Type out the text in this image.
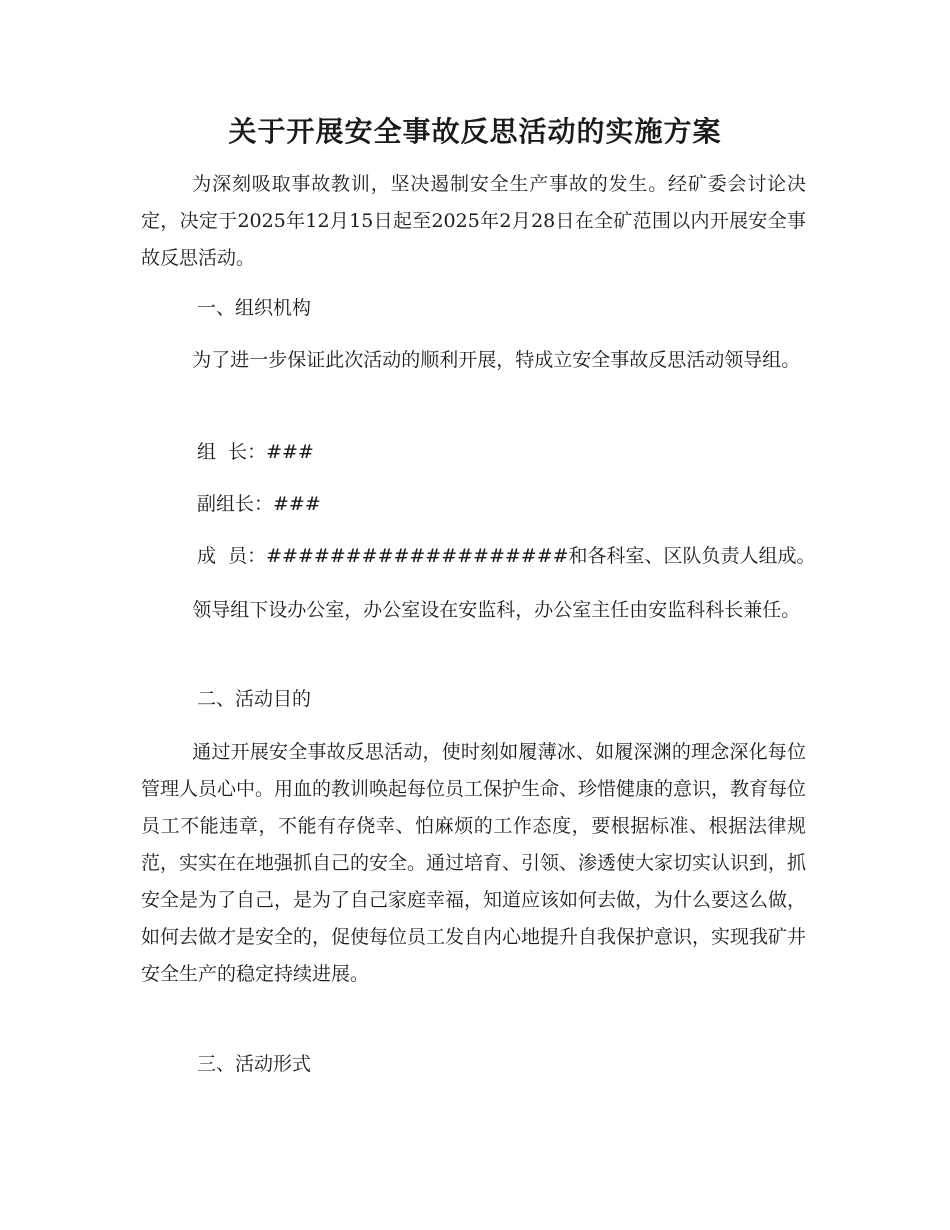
关于开展安全事故反思活动的实施方案

为深刻吸取事故教训，坚决遏制安全生产事故的发生。经矿委会讨论决定，决定于2025年12月15日起至2025年2月28日在全矿范围以内开展安全事故反思活动。

一、组织机构

为了进一步保证此次活动的顺利开展，特成立安全事故反思活动领导组。

组  长：###

副组长：###

成  员：###################和各科室、区队负责人组成。

领导组下设办公室，办公室设在安监科，办公室主任由安监科科长兼任。

二、活动目的

通过开展安全事故反思活动，使时刻如履薄冰、如履深渊的理念深化每位管理人员心中。用血的教训唤起每位员工保护生命、珍惜健康的意识，教育每位员工不能违章，不能有存侥幸、怕麻烦的工作态度，要根据标准、根据法律规范，实实在在地强抓自己的安全。通过培育、引领、渗透使大家切实认识到，抓安全是为了自己，是为了自己家庭幸福，知道应该如何去做，为什么要这么做，如何去做才是安全的，促使每位员工发自内心地提升自我保护意识，实现我矿井安全生产的稳定持续进展。

三、活动形式
